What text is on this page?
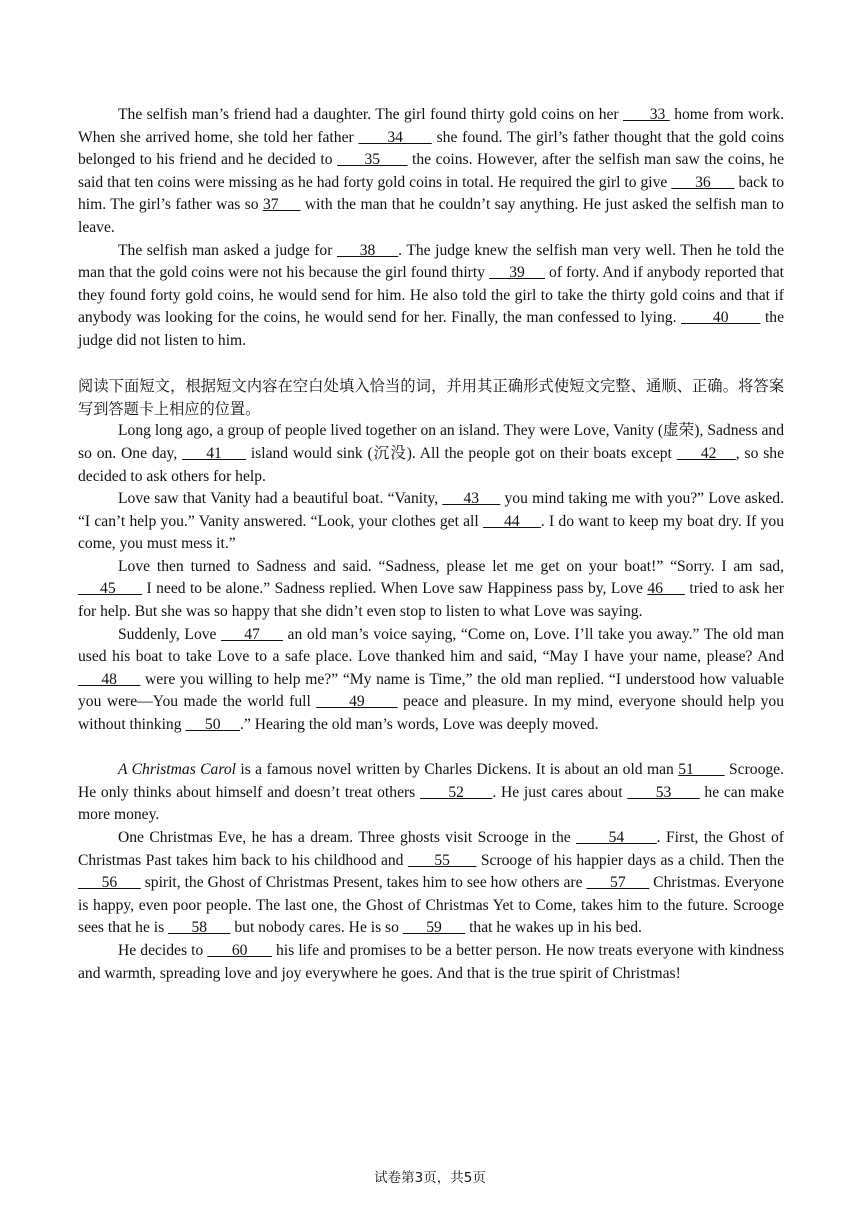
The selfish man’s friend had a daughter. The girl found thirty gold coins on her       33  home from work. When she arrived home, she told her father       34       she found. The girl’s father thought that the gold coins belonged to his friend and he decided to       35       the coins. However, after the selfish man saw the coins, he said that ten coins were missing as he had forty gold coins in total. He required the girl to give       36       back to him. The girl’s father was so 37      with the man that he couldn’t say anything. He just asked the selfish man to leave.

The selfish man asked a judge for      38     . The judge knew the selfish man very well. Then he told the man that the gold coins were not his because the girl found thirty      39      of forty. And if anybody reported that they found forty gold coins, he would send for him. He also told the girl to take the thirty gold coins and that if anybody was looking for the coins, he would send for her. Finally, the man confessed to lying.        40        the judge did not listen to him.

阅读下面短文，根据短文内容在空白处填入恰当的词，并用其正确形式使短文完整、通顺、正确。将答案写到答题卡上相应的位置。

Long long ago, a group of people lived together on an island. They were Love, Vanity (虚荣), Sadness and so on. One day,      41      island would sink (沉没). All the people got on their boats except      42    , so she decided to ask others for help.

Love saw that Vanity had a beautiful boat. “Vanity,      43      you mind taking me with you?” Love asked. “I can’t help you.” Vanity answered. “Look, your clothes get all      44     . I do want to keep my boat dry. If you come, you must mess it.”

Love then turned to Sadness and said. “Sadness, please let me get on your boat!” “Sorry. I am sad,      45       I need to be alone.” Sadness replied. When Love saw Happiness pass by, Love 46      tried to ask her for help. But she was so happy that she didn’t even stop to listen to what Love was saying.

Suddenly, Love      47      an old man’s voice saying, “Come on, Love. I’ll take you away.” The old man used his boat to take Love to a safe place. Love thanked him and said, “May I have your name, please? And      48      were you willing to help me?” “My name is Time,” the old man replied. “I understood how valuable you were—You made the world full       49       peace and pleasure. In my mind, everyone should help you without thinking      50     .” Hearing the old man’s words, Love was deeply moved.

A Christmas Carol is a famous novel written by Charles Dickens. It is about an old man 51        Scrooge. He only thinks about himself and doesn’t treat others       52      . He just cares about       53       he can make more money.

One Christmas Eve, he has a dream. Three ghosts visit Scrooge in the       54      . First, the Ghost of Christmas Past takes him back to his childhood and       55       Scrooge of his happier days as a child. Then the       56       spirit, the Ghost of Christmas Present, takes him to see how others are       57       Christmas. Everyone is happy, even poor people. The last one, the Ghost of Christmas Yet to Come, takes him to the future. Scrooge sees that he is       58       but nobody cares. He is so       59       that he wakes up in his bed.

He decides to       60       his life and promises to be a better person. He now treats everyone with kindness and warmth, spreading love and joy everywhere he goes. And that is the true spirit of Christmas!

试卷第3页，共5页
